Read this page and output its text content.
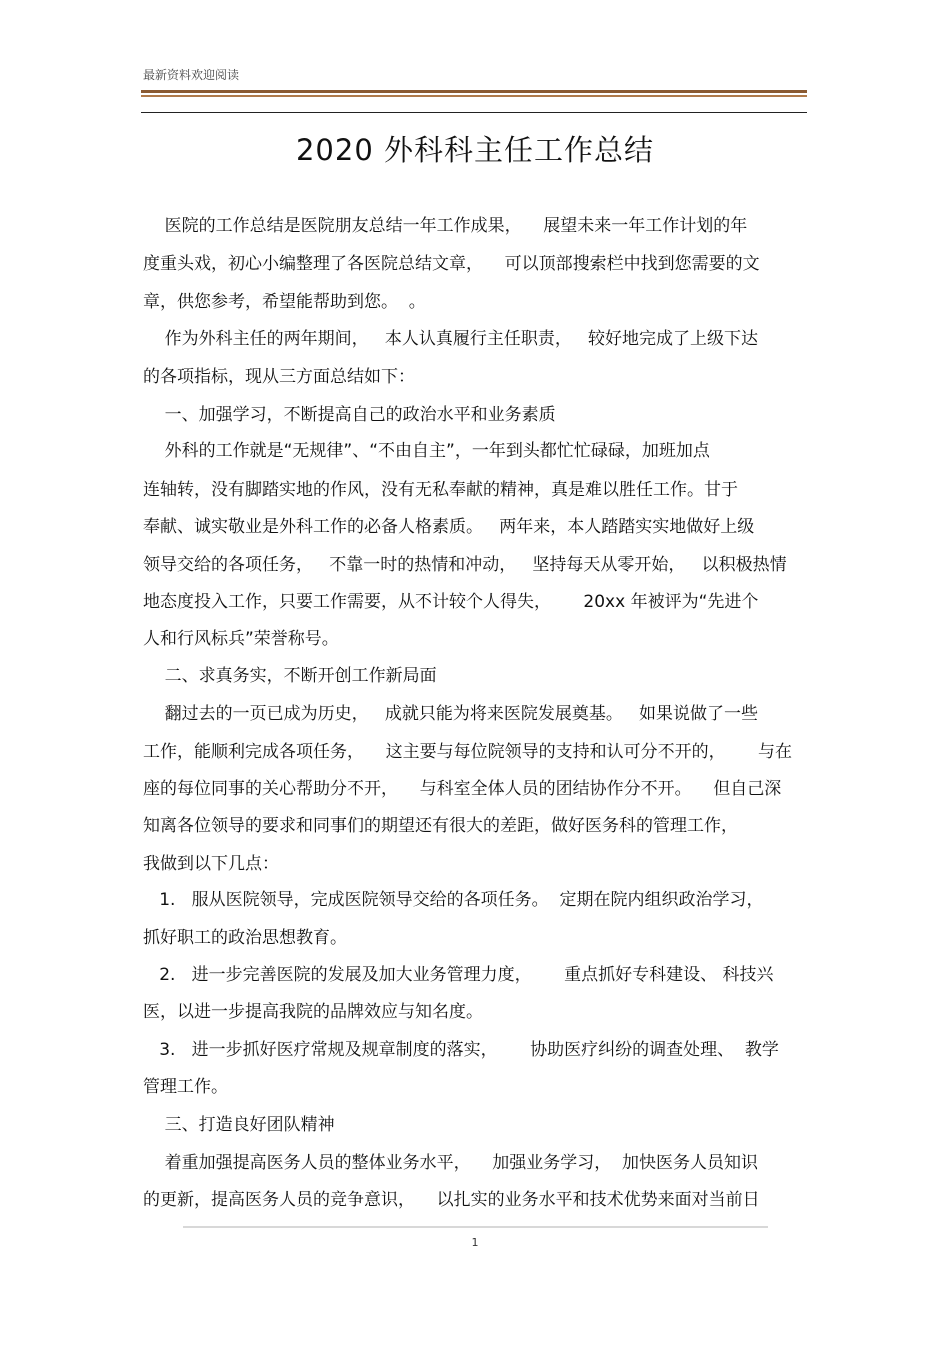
最新资料欢迎阅读
2020 外科科主任工作总结
医院的工作总结是医院朋友总结一年工作成果，    展望未来一年工作计划的年
度重头戏，初心小编整理了各医院总结文章，    可以顶部搜索栏中找到您需要的文
章，供您参考，希望能帮助到您。  。
作为外科主任的两年期间，   本人认真履行主任职责，   较好地完成了上级下达
的各项指标，现从三方面总结如下：
一、加强学习，不断提高自己的政治水平和业务素质
外科的工作就是“无规律”、“不由自主”，一年到头都忙忙碌碌，加班加点
连轴转，没有脚踏实地的作风，没有无私奉献的精神，真是难以胜任工作。甘于
奉献、诚实敬业是外科工作的必备人格素质。   两年来，本人踏踏实实地做好上级
领导交给的各项任务，   不靠一时的热情和冲动，   坚持每天从零开始，   以积极热情
地态度投入工作，只要工作需要，从不计较个人得失，      20xx 年被评为“先进个
人和行风标兵”荣誉称号。
二、求真务实，不断开创工作新局面
翻过去的一页已成为历史，   成就只能为将来医院发展奠基。   如果说做了一些
工作，能顺利完成各项任务，    这主要与每位院领导的支持和认可分不开的，      与在
座的每位同事的关心帮助分不开，    与科室全体人员的团结协作分不开。    但自己深
知离各位领导的要求和同事们的期望还有很大的差距，做好医务科的管理工作，
我做到以下几点：
1.   服从医院领导，完成医院领导交给的各项任务。  定期在院内组织政治学习，
抓好职工的政治思想教育。
2.   进一步完善医院的发展及加大业务管理力度，      重点抓好专科建设、 科技兴
医，以进一步提高我院的品牌效应与知名度。
3.   进一步抓好医疗常规及规章制度的落实，      协助医疗纠纷的调查处理、  教学
管理工作。
三、打造良好团队精神
着重加强提高医务人员的整体业务水平，    加强业务学习，  加快医务人员知识
的更新，提高医务人员的竞争意识，    以扎实的业务水平和技术优势来面对当前日
1
